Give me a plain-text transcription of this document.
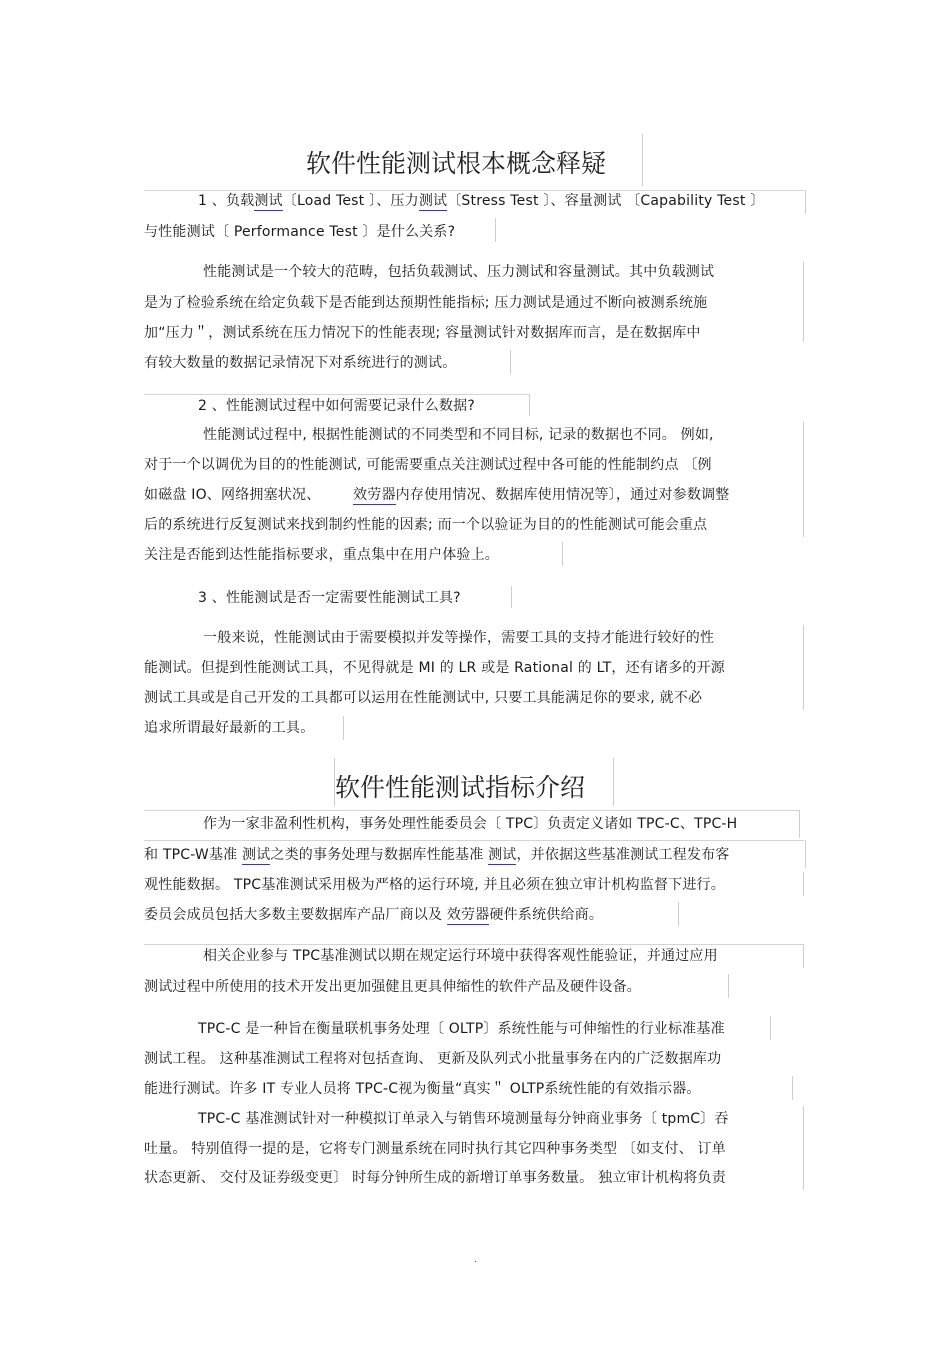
软件性能测试根本概念释疑
1 、负载测试〔Load Test 〕、压力测试〔Stress Test 〕、容量测试 〔Capability Test 〕
与性能测试〔 Performance Test 〕是什么关系?
性能测试是一个较大的范畴，包括负载测试、压力测试和容量测试。其中负载测试
是为了检验系统在给定负载下是否能到达预期性能指标; 压力测试是通过不断向被测系统施
加“压力＂，测试系统在压力情况下的性能表现; 容量测试针对数据库而言，是在数据库中
有较大数量的数据记录情况下对系统进行的测试。
2 、性能测试过程中如何需要记录什么数据?
性能测试过程中, 根据性能测试的不同类型和不同目标, 记录的数据也不同。 例如,
对于一个以调优为目的的性能测试, 可能需要重点关注测试过程中各可能的性能制约点 〔例
如磁盘 IO、网络拥塞状况、 效劳器内存使用情况、数据库使用情况等〕，通过对参数调整
后的系统进行反复测试来找到制约性能的因素; 而一个以验证为目的的性能测试可能会重点
关注是否能到达性能指标要求，重点集中在用户体验上。
3 、性能测试是否一定需要性能测试工具?
一般来说，性能测试由于需要模拟并发等操作，需要工具的支持才能进行较好的性
能测试。但提到性能测试工具，不见得就是 MI 的 LR 或是 Rational 的 LT，还有诸多的开源
测试工具或是自己开发的工具都可以运用在性能测试中, 只要工具能满足你的要求, 就不必
追求所谓最好最新的工具。
软件性能测试指标介绍
作为一家非盈利性机构，事务处理性能委员会〔 TPC〕负责定义诸如 TPC-C、TPC-H
和 TPC-W基准 测试之类的事务处理与数据库性能基准 测试，并依据这些基准测试工程发布客
观性能数据。 TPC基准测试采用极为严格的运行环境, 并且必须在独立审计机构监督下进行。
委员会成员包括大多数主要数据库产品厂商以及 效劳器硬件系统供给商。
相关企业参与 TPC基准测试以期在规定运行环境中获得客观性能验证，并通过应用
测试过程中所使用的技术开发出更加强健且更具伸缩性的软件产品及硬件设备。
TPC-C 是一种旨在衡量联机事务处理〔 OLTP〕系统性能与可伸缩性的行业标准基准
测试工程。 这种基准测试工程将对包括查询、 更新及队列式小批量事务在内的广泛数据库功
能进行测试。许多 IT 专业人员将 TPC-C视为衡量“真实＂ OLTP系统性能的有效指示器。
TPC-C 基准测试针对一种模拟订单录入与销售环境测量每分钟商业事务〔 tpmC〕吞
吐量。 特别值得一提的是，它将专门测量系统在同时执行其它四种事务类型 〔如支付、 订单
状态更新、 交付及证券级变更〕 时每分钟所生成的新增订单事务数量。 独立审计机构将负责
.
